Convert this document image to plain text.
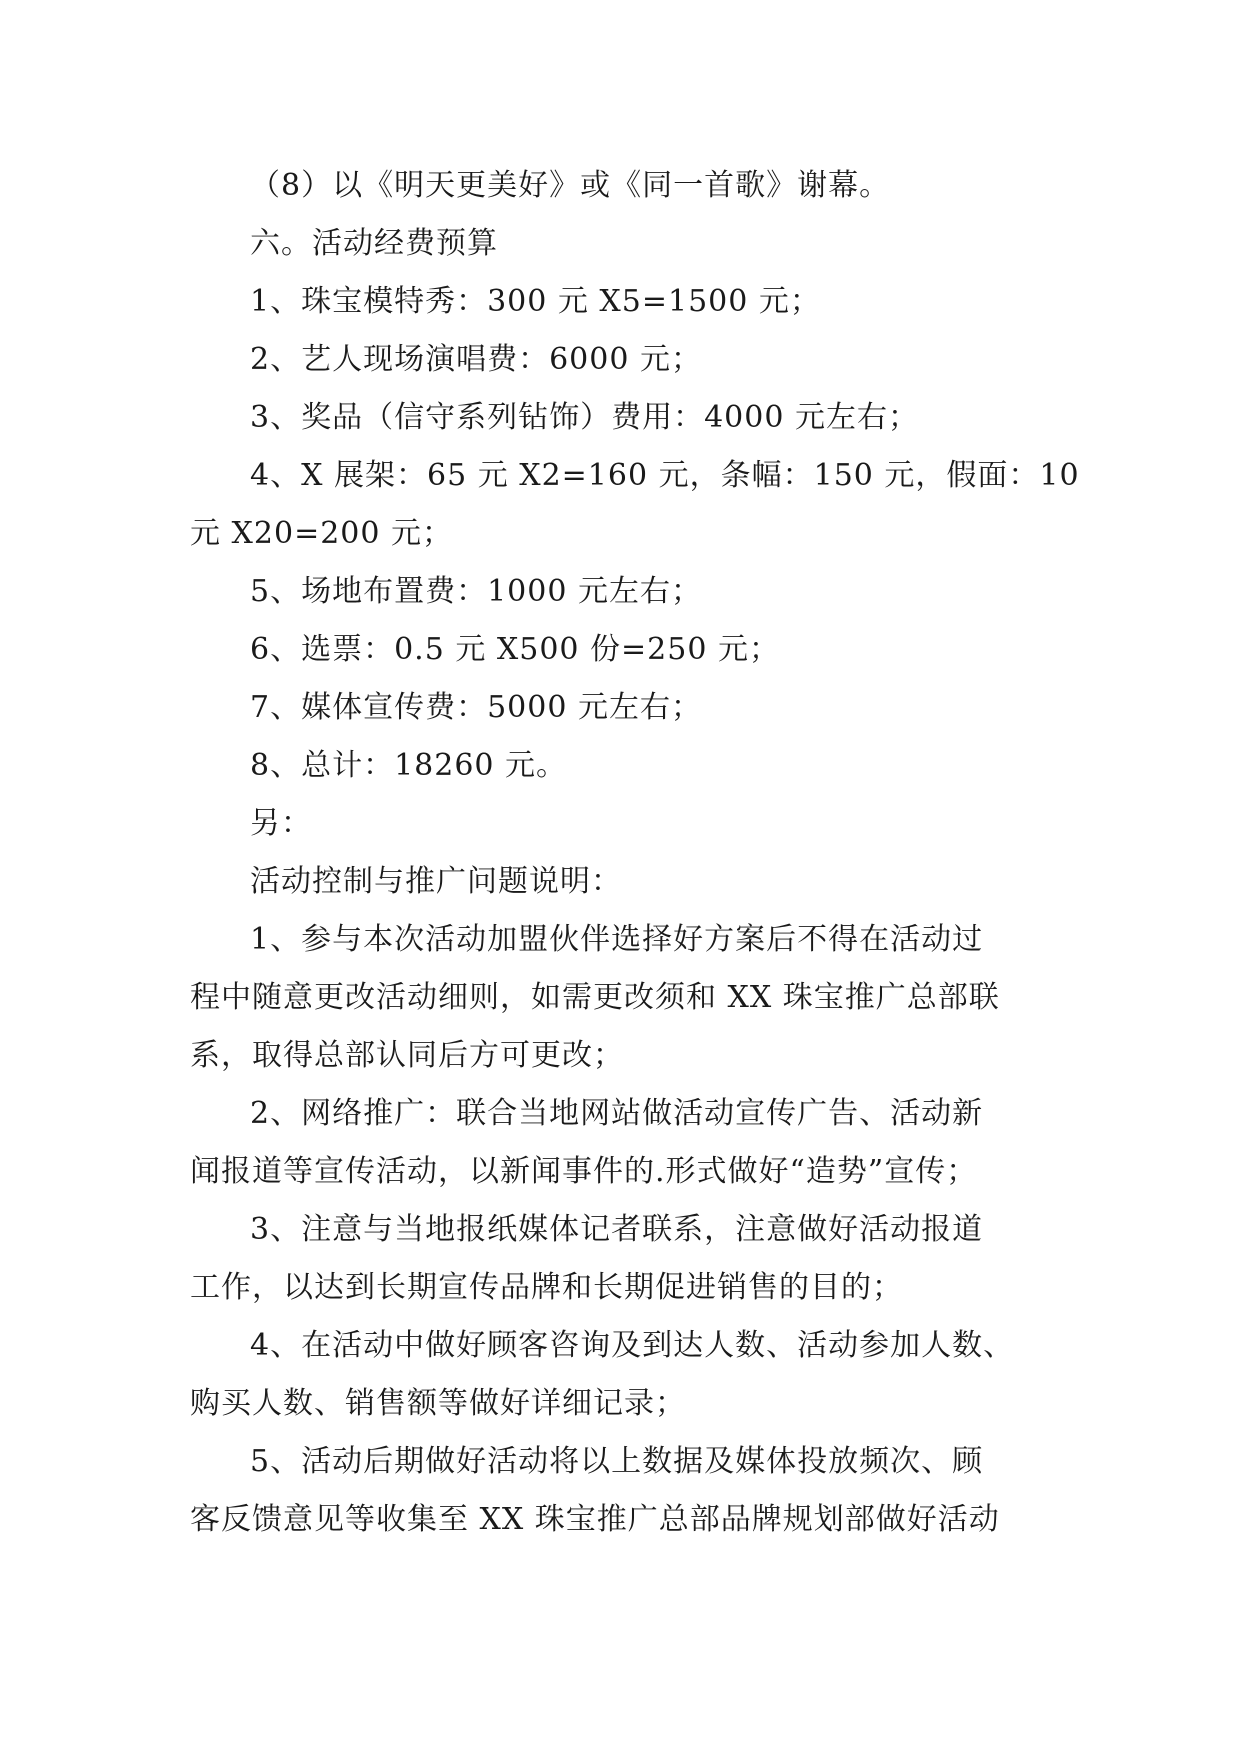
（8）以《明天更美好》或《同一首歌》谢幕。
六。活动经费预算
1、珠宝模特秀：300 元 X5=1500 元；
2、艺人现场演唱费：6000 元；
3、奖品（信守系列钻饰）费用：4000 元左右；
4、X 展架：65 元 X2=160 元，条幅：150 元，假面：10
元 X20=200 元；
5、场地布置费：1000 元左右；
6、选票：0.5 元 X500 份=250 元；
7、媒体宣传费：5000 元左右；
8、总计：18260 元。
另：
活动控制与推广问题说明：
1、参与本次活动加盟伙伴选择好方案后不得在活动过
程中随意更改活动细则，如需更改须和 XX 珠宝推广总部联
系，取得总部认同后方可更改；
2、网络推广：联合当地网站做活动宣传广告、活动新
闻报道等宣传活动，以新闻事件的.形式做好“造势”宣传；
3、注意与当地报纸媒体记者联系，注意做好活动报道
工作，以达到长期宣传品牌和长期促进销售的目的；
4、在活动中做好顾客咨询及到达人数、活动参加人数、
购买人数、销售额等做好详细记录；
5、活动后期做好活动将以上数据及媒体投放频次、顾
客反馈意见等收集至 XX 珠宝推广总部品牌规划部做好活动
